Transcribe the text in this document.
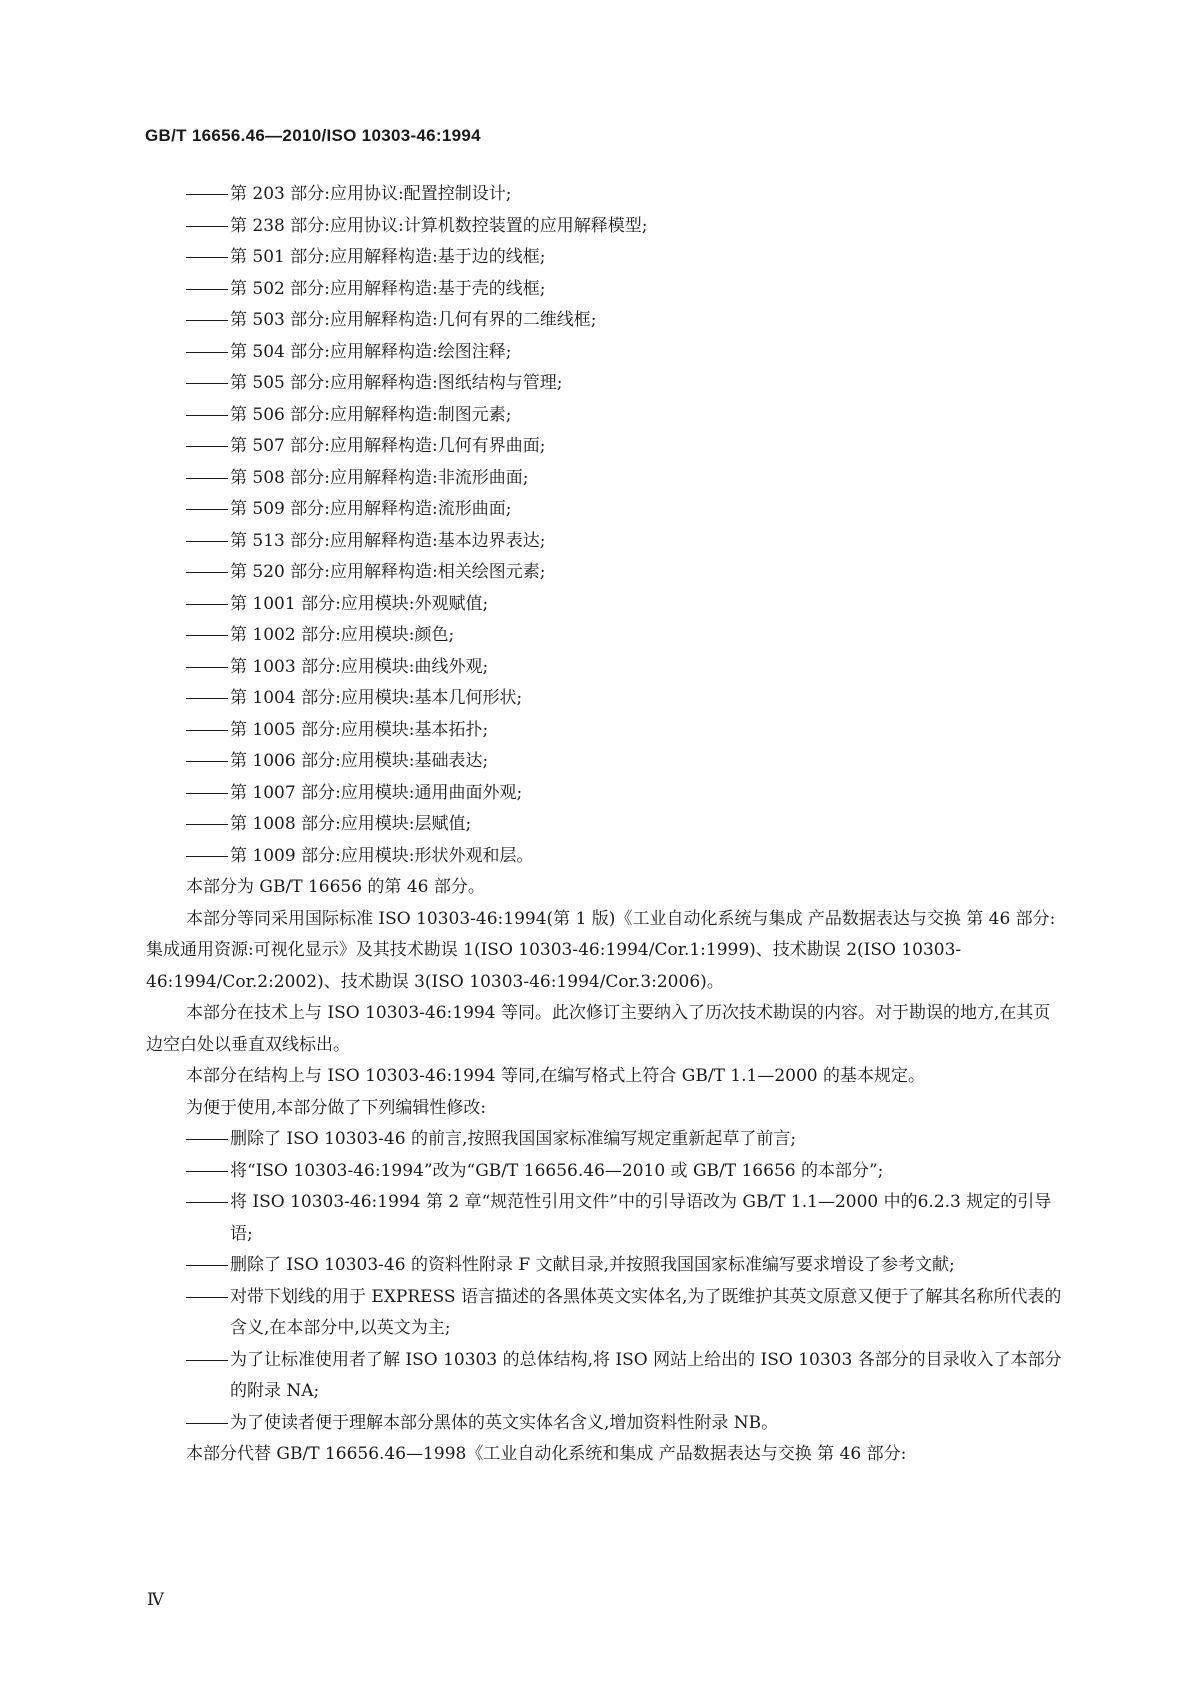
GB/T 16656.46—2010/ISO 10303-46:1994
第 203 部分:应用协议:配置控制设计;
第 238 部分:应用协议:计算机数控装置的应用解释模型;
第 501 部分:应用解释构造:基于边的线框;
第 502 部分:应用解释构造:基于壳的线框;
第 503 部分:应用解释构造:几何有界的二维线框;
第 504 部分:应用解释构造:绘图注释;
第 505 部分:应用解释构造:图纸结构与管理;
第 506 部分:应用解释构造:制图元素;
第 507 部分:应用解释构造:几何有界曲面;
第 508 部分:应用解释构造:非流形曲面;
第 509 部分:应用解释构造:流形曲面;
第 513 部分:应用解释构造:基本边界表达;
第 520 部分:应用解释构造:相关绘图元素;
第 1001 部分:应用模块:外观赋值;
第 1002 部分:应用模块:颜色;
第 1003 部分:应用模块:曲线外观;
第 1004 部分:应用模块:基本几何形状;
第 1005 部分:应用模块:基本拓扑;
第 1006 部分:应用模块:基础表达;
第 1007 部分:应用模块:通用曲面外观;
第 1008 部分:应用模块:层赋值;
第 1009 部分:应用模块:形状外观和层。
本部分为 GB/T 16656 的第 46 部分。
本部分等同采用国际标准 ISO 10303-46:1994(第 1 版)《工业自动化系统与集成 产品数据表达与交换 第 46 部分:集成通用资源:可视化显示》及其技术勘误 1(ISO 10303-46:1994/Cor.1:1999)、技术勘误 2(ISO 10303-46:1994/Cor.2:2002)、技术勘误 3(ISO 10303-46:1994/Cor.3:2006)。
本部分在技术上与 ISO 10303-46:1994 等同。此次修订主要纳入了历次技术勘误的内容。对于勘误的地方,在其页边空白处以垂直双线标出。
本部分在结构上与 ISO 10303-46:1994 等同,在编写格式上符合 GB/T 1.1—2000 的基本规定。
为便于使用,本部分做了下列编辑性修改:
删除了 ISO 10303-46 的前言,按照我国国家标准编写规定重新起草了前言;
将“ISO 10303-46:1994”改为“GB/T 16656.46—2010 或 GB/T 16656 的本部分”;
将 ISO 10303-46:1994 第 2 章“规范性引用文件”中的引导语改为 GB/T 1.1—2000 中的6.2.3 规定的引导语;
删除了 ISO 10303-46 的资料性附录 F 文献目录,并按照我国国家标准编写要求增设了参考文献;
对带下划线的用于 EXPRESS 语言描述的各黑体英文实体名,为了既维护其英文原意又便于了解其名称所代表的含义,在本部分中,以英文为主;
为了让标准使用者了解 ISO 10303 的总体结构,将 ISO 网站上给出的 ISO 10303 各部分的目录收入了本部分的附录 NA;
为了使读者便于理解本部分黑体的英文实体名含义,增加资料性附录 NB。
本部分代替 GB/T 16656.46—1998《工业自动化系统和集成 产品数据表达与交换 第 46 部分:
Ⅳ
